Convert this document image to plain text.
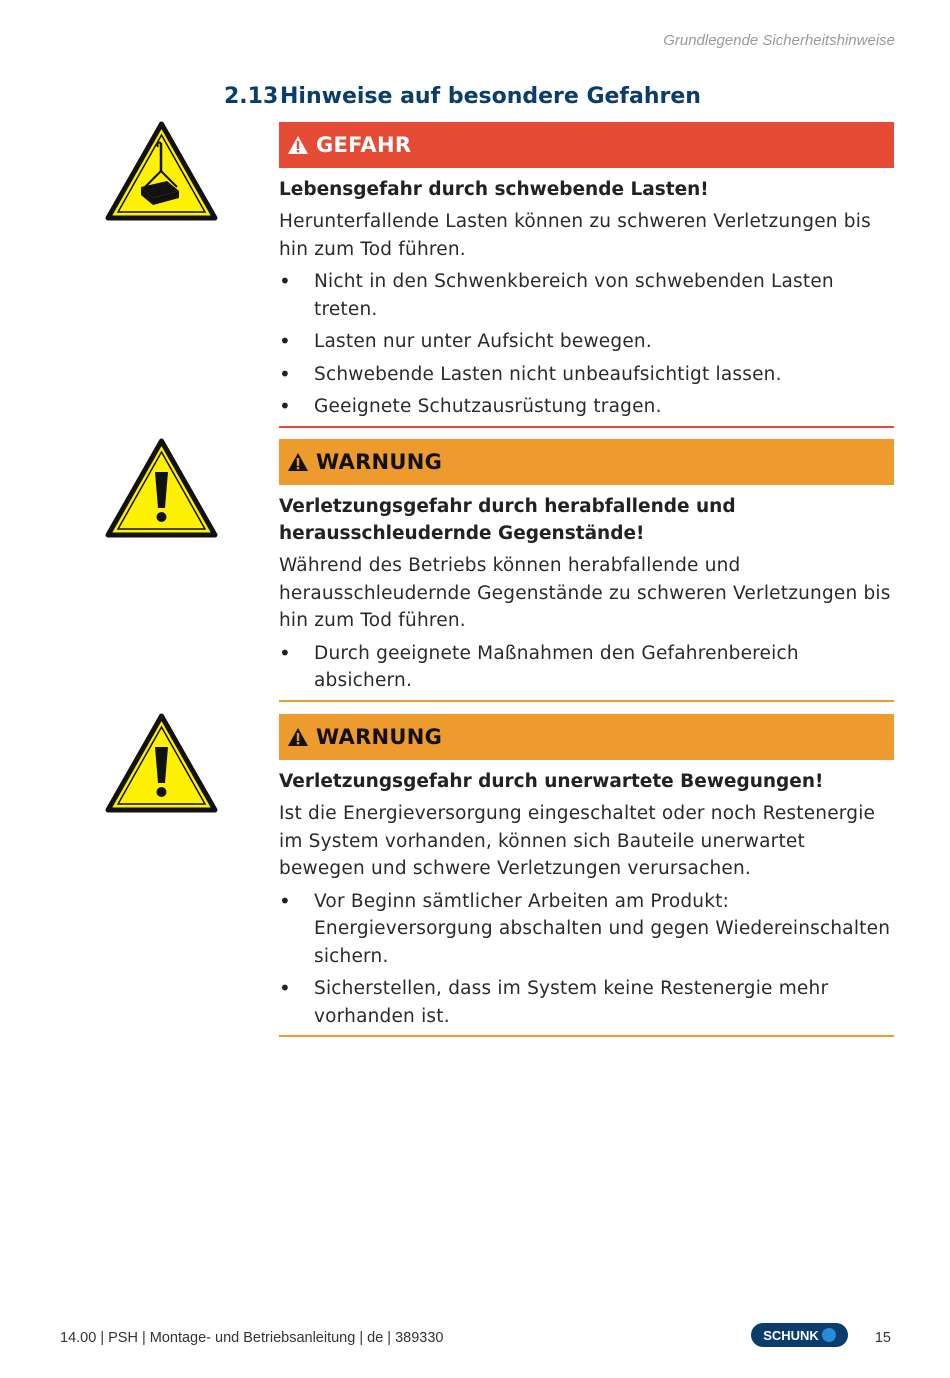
Grundlegende Sicherheitshinweise
2.13Hinweise auf besondere Gefahren
GEFAHR
Lebensgefahr durch schwebende Lasten!
Herunterfallende Lasten können zu schweren Verletzungen bis hin zum Tod führen.
• Nicht in den Schwenkbereich von schwebenden Lasten treten.
• Lasten nur unter Aufsicht bewegen.
• Schwebende Lasten nicht unbeaufsichtigt lassen.
• Geeignete Schutzausrüstung tragen.
WARNUNG
Verletzungsgefahr durch herabfallende und herausschleudernde Gegenstände!
Während des Betriebs können herabfallende und herausschleudernde Gegenstände zu schweren Verletzungen bis hin zum Tod führen.
• Durch geeignete Maßnahmen den Gefahrenbereich absichern.
WARNUNG
Verletzungsgefahr durch unerwartete Bewegungen!
Ist die Energieversorgung eingeschaltet oder noch Restenergie im System vorhanden, können sich Bauteile unerwartet bewegen und schwere Verletzungen verursachen.
• Vor Beginn sämtlicher Arbeiten am Produkt: Energieversorgung abschalten und gegen Wiedereinschalten sichern.
• Sicherstellen, dass im System keine Restenergie mehr vorhanden ist.
14.00 | PSH | Montage- und Betriebsanleitung | de | 389330	SCHUNK	15
